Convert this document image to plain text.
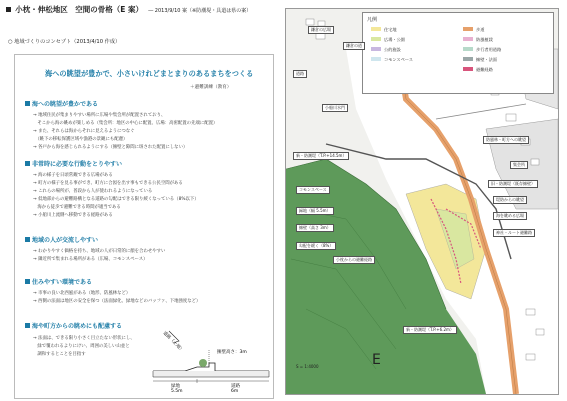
小枕・伸松地区　空間の骨格（E 案） ― 2013/9/10 案（※防潮堤・具道は県の案）
○ 地域づくりのコンセプト（2013/4/10 作成）
海への眺望が豊かで、小さいけれどまとまりのあるまちをつくる
＋避難訓練（教育）
海への眺望が豊かである
→ 地域住民が集まりやすい場所に広場や集会所が配置されており、
　そこから海の眺めが楽しめる（集会所：地区の中心に配置、広場：高密配置の先端に配置）
→ また、それらは海からそれに見えるようにつなぐ
　（眺下の移転保護区域や漁港の景観にも配慮）
→ 各戸から海を感じられるようにする（擁壁と隙間に斑された配置にしない）
非常時に必要な行動をとりやすい
→ 海の様子を日頃常観できる広場がある
→ 町方の様子を見る事ができ、町方に合図を出す事もできる公民空間がある
→ これらの場所が、普段から人が使われるようになっている
→ 低地部からの避難路構となる道路の勾配はできる限り緩くなっている（8%以下）
　海から徒歩で避難できる時間が適当である
→ 小船川上流側へ移動できる経路がある
地域の人が交流しやすい
→ わかりやすく価格を持ち、地域の人が日常的に顔を合わせやすい
→ 隣近所で集まれる場所がある（広場、コモンスペース）
住みやすい環境である
→ 市事の良い北西風がある（地形、防風林など）
→ 西側の法面は地区の安全を保つ（法面緑化、緑地などのバッファ、下地強度など）
海や町方からの眺めにも配慮する
→ 法面は、できる限り小さく目立たない形状にし、
　緑で覆われるよりにけい、周囲の美しい山並と
　調和するとことを目指す
道路（土地）	擁壁高さ：3m
緑地
5.5m
道路
6m
凡例
住宅地	歩道
広場・公園	防風植栽
公的施設	歩行者用道路
コモンスペース	擁壁・法面
避難経路
鎌倉の広場
鎌倉の道
道路
小船川水門
新・防潮堤（T.P.+14.5m）
防風林・町方への眺望
集会所
旧・防潮堤（既存擁壁）
コモンスペース
堤防からの眺望
海を眺める広場
緑地（幅 5.5m）
神社・ルート避難路
擁壁（高さ 3m）
勾配を緩く（8%）
小枕からの避難経路
新・防潮堤（T.P.+6.2m）
S = 1:4000	E
